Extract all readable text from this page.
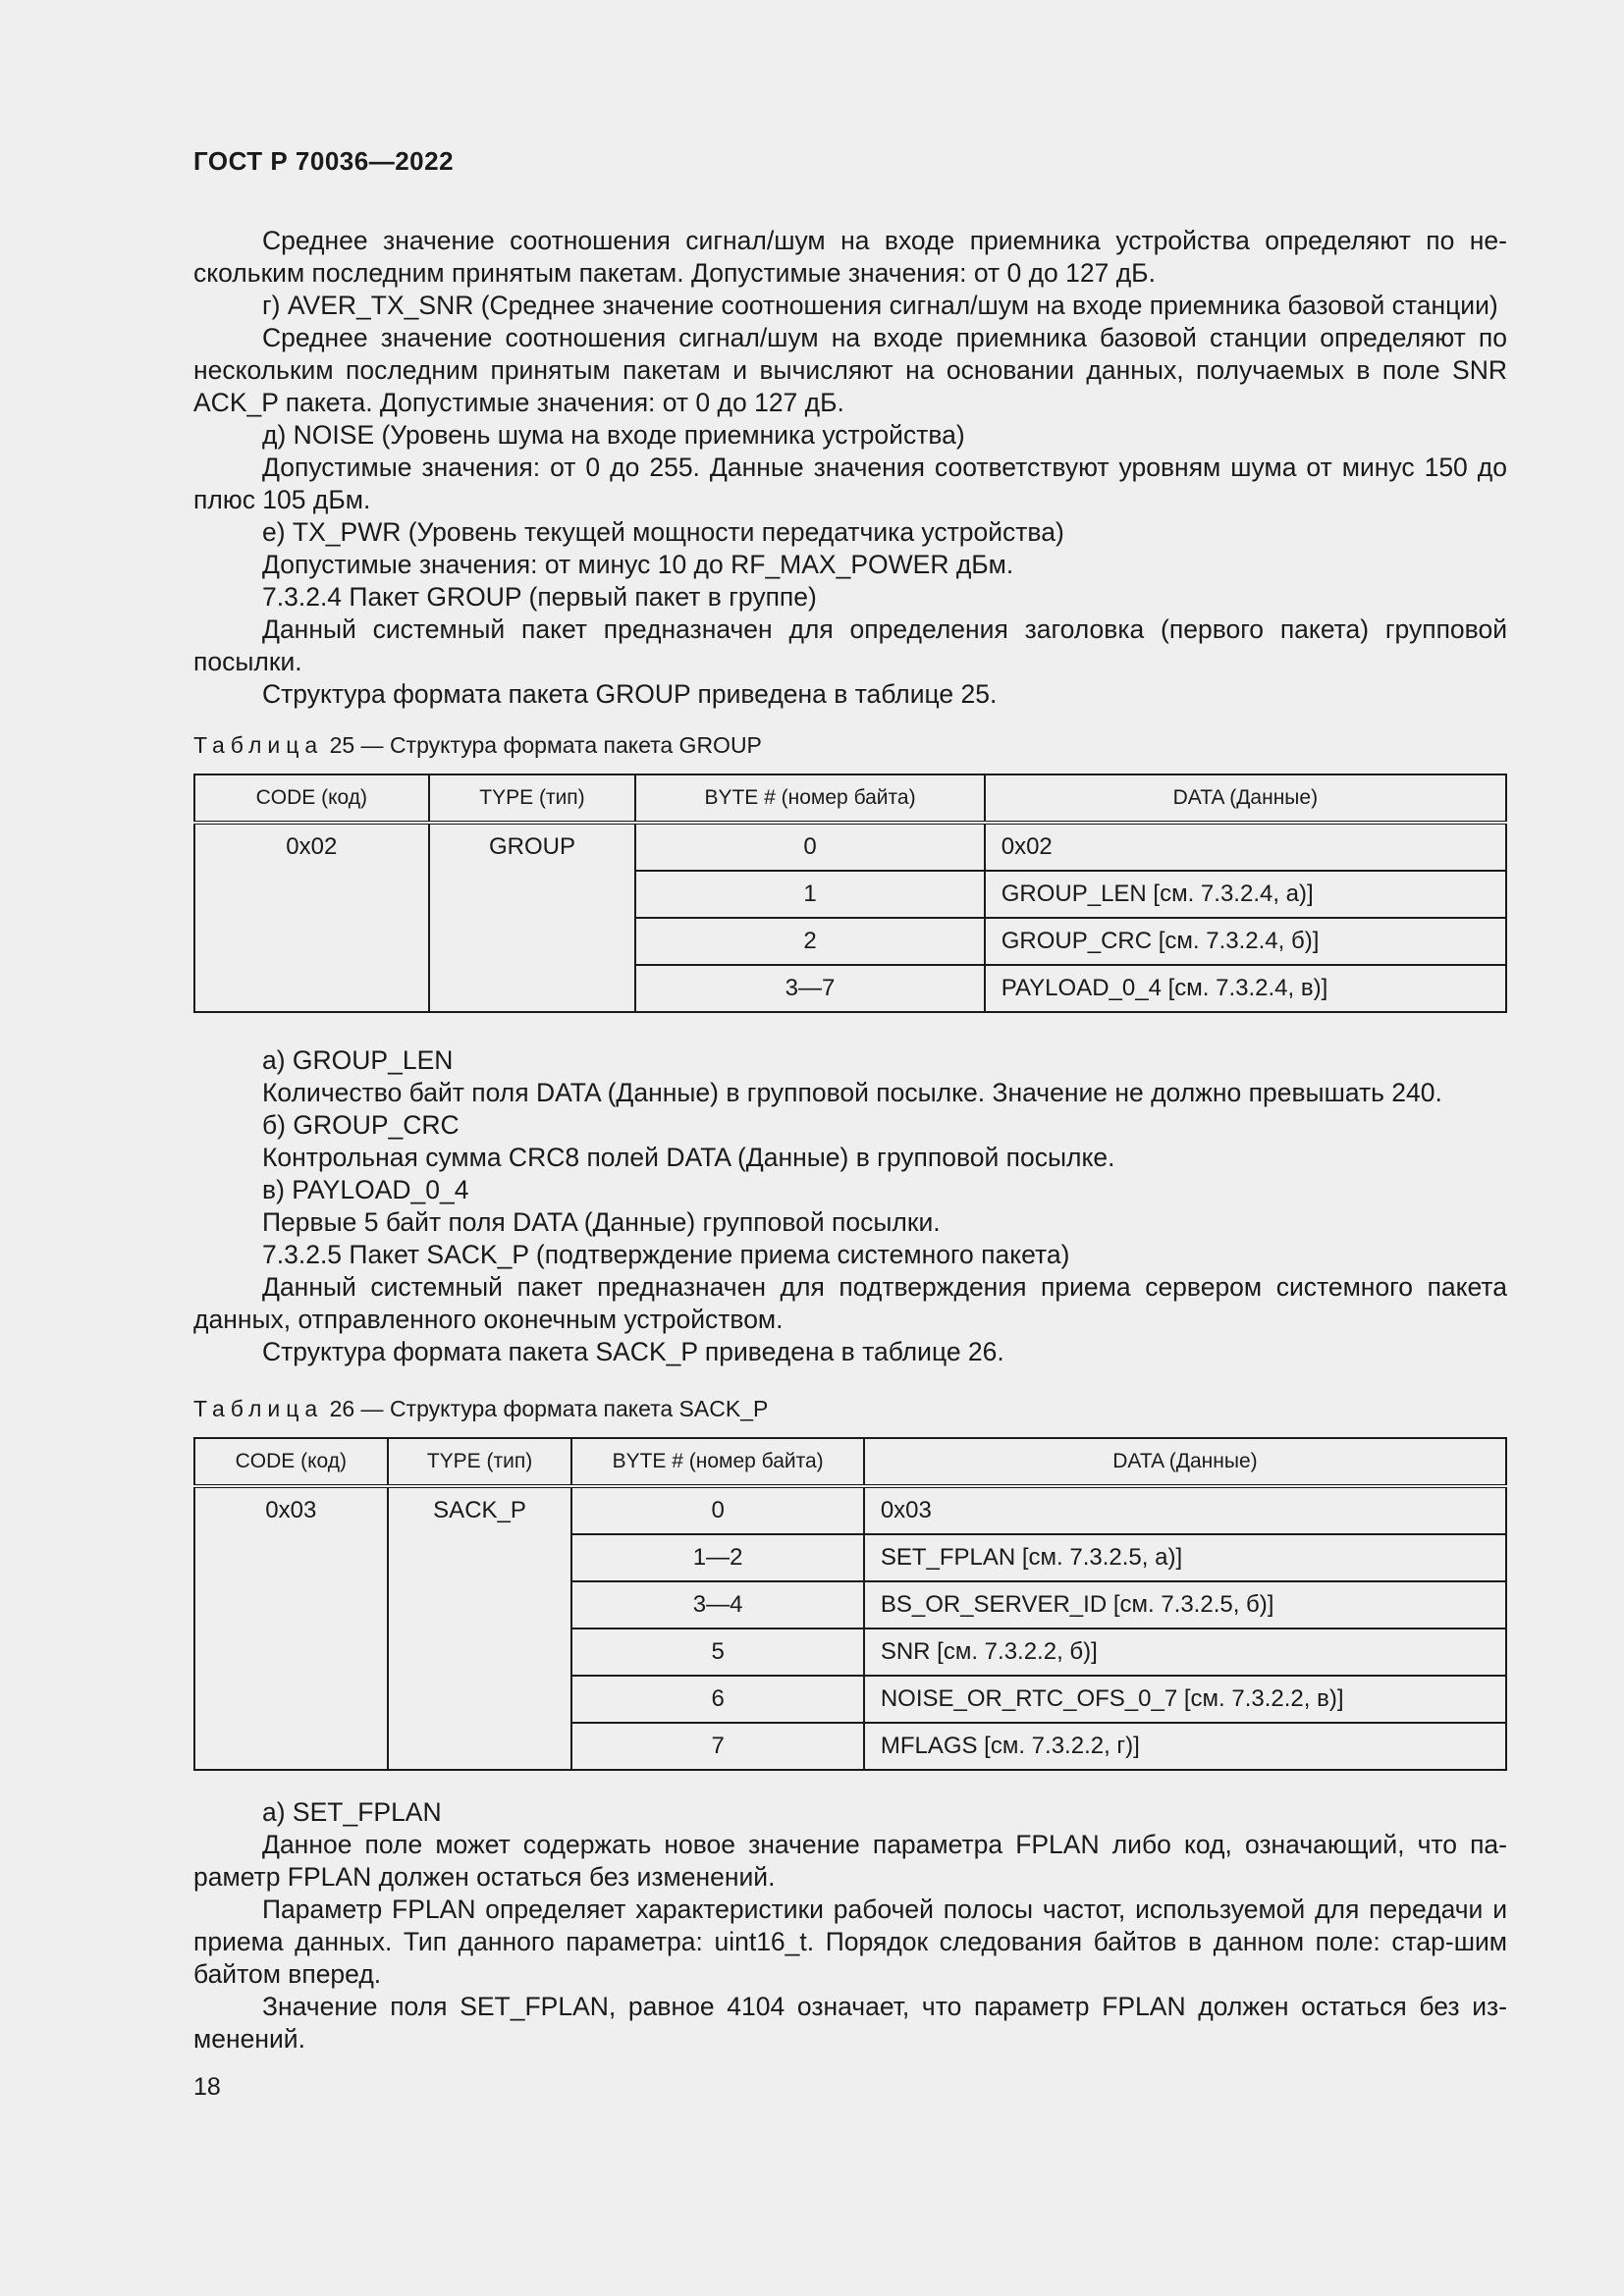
ГОСТ Р 70036—2022

Среднее значение соотношения сигнал/шум на входе приемника устройства определяют по не-скольким последним принятым пакетам. Допустимые значения: от 0 до 127 дБ.

г) AVER_TX_SNR (Среднее значение соотношения сигнал/шум на входе приемника базовой станции)

Среднее значение соотношения сигнал/шум на входе приемника базовой станции определяют по нескольким последним принятым пакетам и вычисляют на основании данных, получаемых в поле SNR ACK_P пакета. Допустимые значения: от 0 до 127 дБ.

д) NOISE (Уровень шума на входе приемника устройства)

Допустимые значения: от 0 до 255. Данные значения соответствуют уровням шума от минус 150 до плюс 105 дБм.

е) TX_PWR (Уровень текущей мощности передатчика устройства)

Допустимые значения: от минус 10 до RF_MAX_POWER дБм.

7.3.2.4 Пакет GROUP (первый пакет в группе)

Данный системный пакет предназначен для определения заголовка (первого пакета) групповой посылки.

Структура формата пакета GROUP приведена в таблице 25.

Таблица 25 — Структура формата пакета GROUP
CODE (код)	TYPE (тип)	BYTE # (номер байта)	DATA (Данные)
0x02	GROUP	0	0x02
		1	GROUP_LEN [см. 7.3.2.4, а)]
		2	GROUP_CRC [см. 7.3.2.4, б)]
		3—7	PAYLOAD_0_4 [см. 7.3.2.4, в)]

а) GROUP_LEN

Количество байт поля DATA (Данные) в групповой посылке. Значение не должно превышать 240.

б) GROUP_CRC

Контрольная сумма CRC8 полей DATA (Данные) в групповой посылке.

в) PAYLOAD_0_4

Первые 5 байт поля DATA (Данные) групповой посылки.

7.3.2.5 Пакет SACK_P (подтверждение приема системного пакета)

Данный системный пакет предназначен для подтверждения приема сервером системного пакета данных, отправленного оконечным устройством.

Структура формата пакета SACK_P приведена в таблице 26.

Таблица 26 — Структура формата пакета SACK_P
CODE (код)	TYPE (тип)	BYTE # (номер байта)	DATA (Данные)
0x03	SACK_P	0	0x03
		1—2	SET_FPLAN [см. 7.3.2.5, а)]
		3—4	BS_OR_SERVER_ID [см. 7.3.2.5, б)]
		5	SNR [см. 7.3.2.2, б)]
		6	NOISE_OR_RTC_OFS_0_7 [см. 7.3.2.2, в)]
		7	MFLAGS [см. 7.3.2.2, г)]

а) SET_FPLAN

Данное поле может содержать новое значение параметра FPLAN либо код, означающий, что па-раметр FPLAN должен остаться без изменений.

Параметр FPLAN определяет характеристики рабочей полосы частот, используемой для передачи и приема данных. Тип данного параметра: uint16_t. Порядок следования байтов в данном поле: стар-шим байтом вперед.

Значение поля SET_FPLAN, равное 4104 означает, что параметр FPLAN должен остаться без из-менений.

18
